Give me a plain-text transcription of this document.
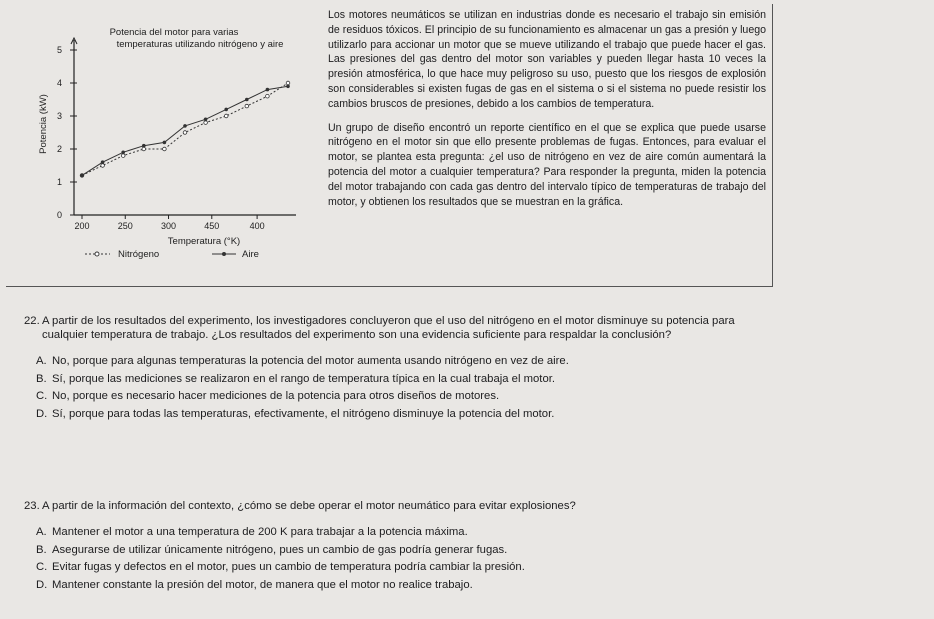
Potencia del motor para varias
temperaturas utilizando nitrógeno y aire
Potencia (kW)
Temperatura (°K)
0
1
2
3
4
5
200	250	300	450	400
Nitrógeno	Aire

Los motores neumáticos se utilizan en industrias donde es necesario el trabajo sin emisión de residuos tóxicos. El principio de su funcionamiento es almacenar un gas a presión y luego utilizarlo para accionar un motor que se mueve utilizando el trabajo que puede hacer el gas. Las presiones del gas dentro del motor son variables y pueden llegar hasta 10 veces la presión atmosférica, lo que hace muy peligroso su uso, puesto que los riesgos de explosión son considerables si existen fugas de gas en el sistema o si el sistema no puede resistir los cambios bruscos de presiones, debido a los cambios de temperatura.

Un grupo de diseño encontró un reporte científico en el que se explica que puede usarse nitrógeno en el motor sin que ello presente problemas de fugas. Entonces, para evaluar el motor, se plantea esta pregunta: ¿el uso de nitrógeno en vez de aire común aumentará la potencia del motor a cualquier temperatura? Para responder la pregunta, miden la potencia del motor trabajando con cada gas dentro del intervalo típico de temperaturas de trabajo del motor, y obtienen los resultados que se muestran en la gráfica.

22. A partir de los resultados del experimento, los investigadores concluyeron que el uso del nitrógeno en el motor disminuye su potencia para cualquier temperatura de trabajo. ¿Los resultados del experimento son una evidencia suficiente para respaldar la conclusión?
A. No, porque para algunas temperaturas la potencia del motor aumenta usando nitrógeno en vez de aire.
B. Sí, porque las mediciones se realizaron en el rango de temperatura típica en la cual trabaja el motor.
C. No, porque es necesario hacer mediciones de la potencia para otros diseños de motores.
D. Sí, porque para todas las temperaturas, efectivamente, el nitrógeno disminuye la potencia del motor.
23. A partir de la información del contexto, ¿cómo se debe operar el motor neumático para evitar explosiones?
A. Mantener el motor a una temperatura de 200 K para trabajar a la potencia máxima.
B. Asegurarse de utilizar únicamente nitrógeno, pues un cambio de gas podría generar fugas.
C. Evitar fugas y defectos en el motor, pues un cambio de temperatura podría cambiar la presión.
D. Mantener constante la presión del motor, de manera que el motor no realice trabajo.
